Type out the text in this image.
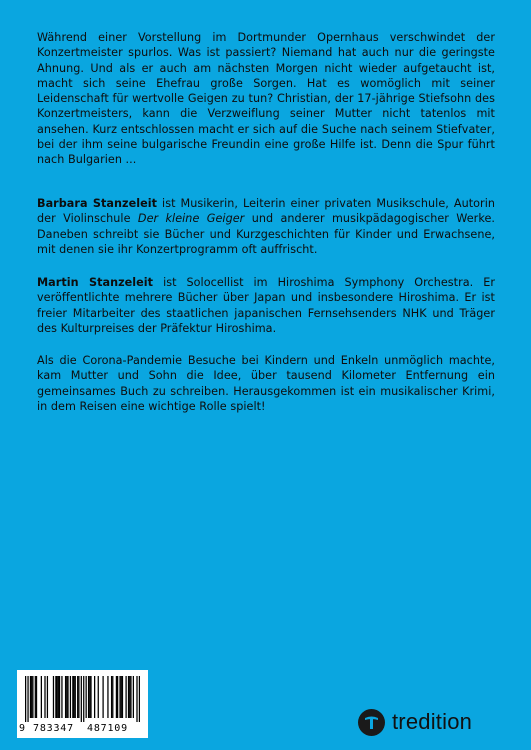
Während einer Vorstellung im Dortmunder Opernhaus verschwindet der Konzertmeister spurlos. Was ist passiert? Niemand hat auch nur die geringste Ahnung. Und als er auch am nächsten Morgen nicht wieder aufgetaucht ist, macht sich seine Ehefrau große Sorgen. Hat es womöglich mit seiner Leidenschaft für wertvolle Geigen zu tun? Christian, der 17-jährige Stiefsohn des Konzertmeisters, kann die Verzweiflung seiner Mutter nicht tatenlos mit ansehen. Kurz entschlossen macht er sich auf die Suche nach seinem Stiefvater, bei der ihm seine bulgarische Freundin eine große Hilfe ist. Denn die Spur führt nach Bulgarien ...

Barbara Stanzeleit ist Musikerin, Leiterin einer privaten Musikschule, Autorin der Violinschule Der kleine Geiger und anderer musikpädagogischer Werke. Daneben schreibt sie Bücher und Kurzgeschichten für Kinder und Erwachsene, mit denen sie ihr Konzertprogramm oft auffrischt.

Martin Stanzeleit ist Solocellist im Hiroshima Symphony Orchestra. Er veröffentlichte mehrere Bücher über Japan und insbesondere Hiroshima. Er ist freier Mitarbeiter des staatlichen japanischen Fernsehsenders NHK und Träger des Kulturpreises der Präfektur Hiroshima.

Als die Corona-Pandemie Besuche bei Kindern und Enkeln unmöglich machte, kam Mutter und Sohn die Idee, über tausend Kilometer Entfernung ein gemeinsames Buch zu schreiben. Herausgekommen ist ein musikalischer Krimi, in dem Reisen eine wichtige Rolle spielt!

9 783347 487109	tredition
